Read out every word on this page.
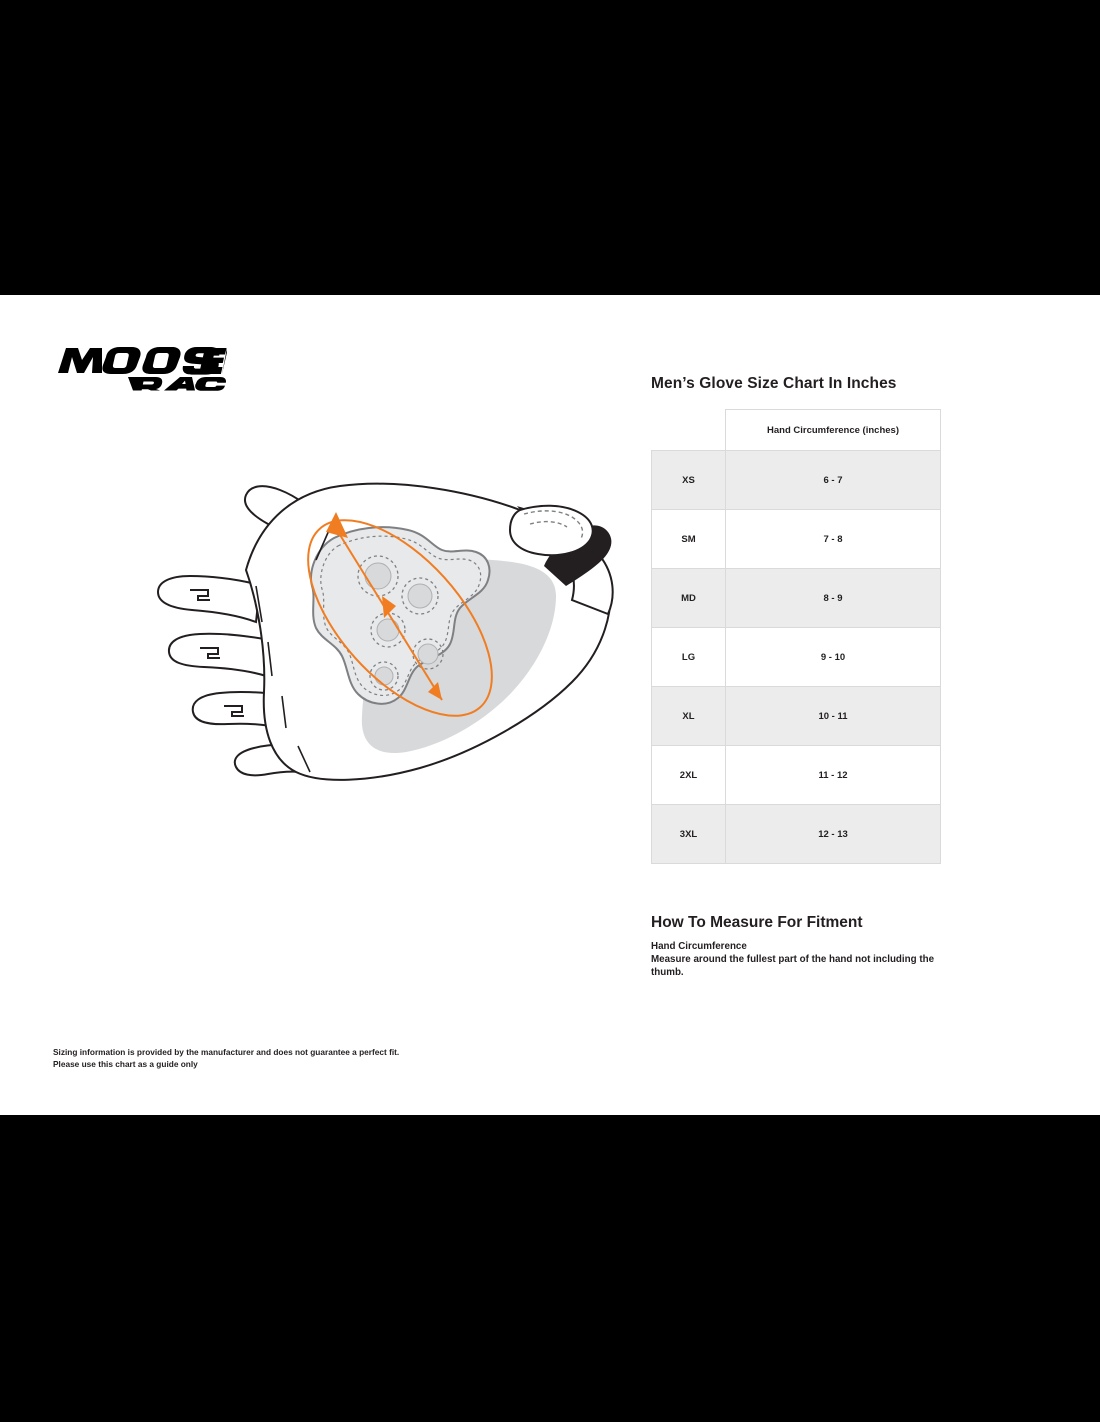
Men’s Glove Size Chart In Inches
	Hand Circumference (inches)
XS	6 - 7
SM	7 - 8
MD	8 - 9
LG	9 - 10
XL	10 - 11
2XL	11 - 12
3XL	12 - 13
How To Measure For Fitment
Hand Circumference

Measure around the fullest part of the hand not including the thumb.

Sizing information is provided by the manufacturer and does not guarantee a perfect fit.
Please use this chart as a guide only
